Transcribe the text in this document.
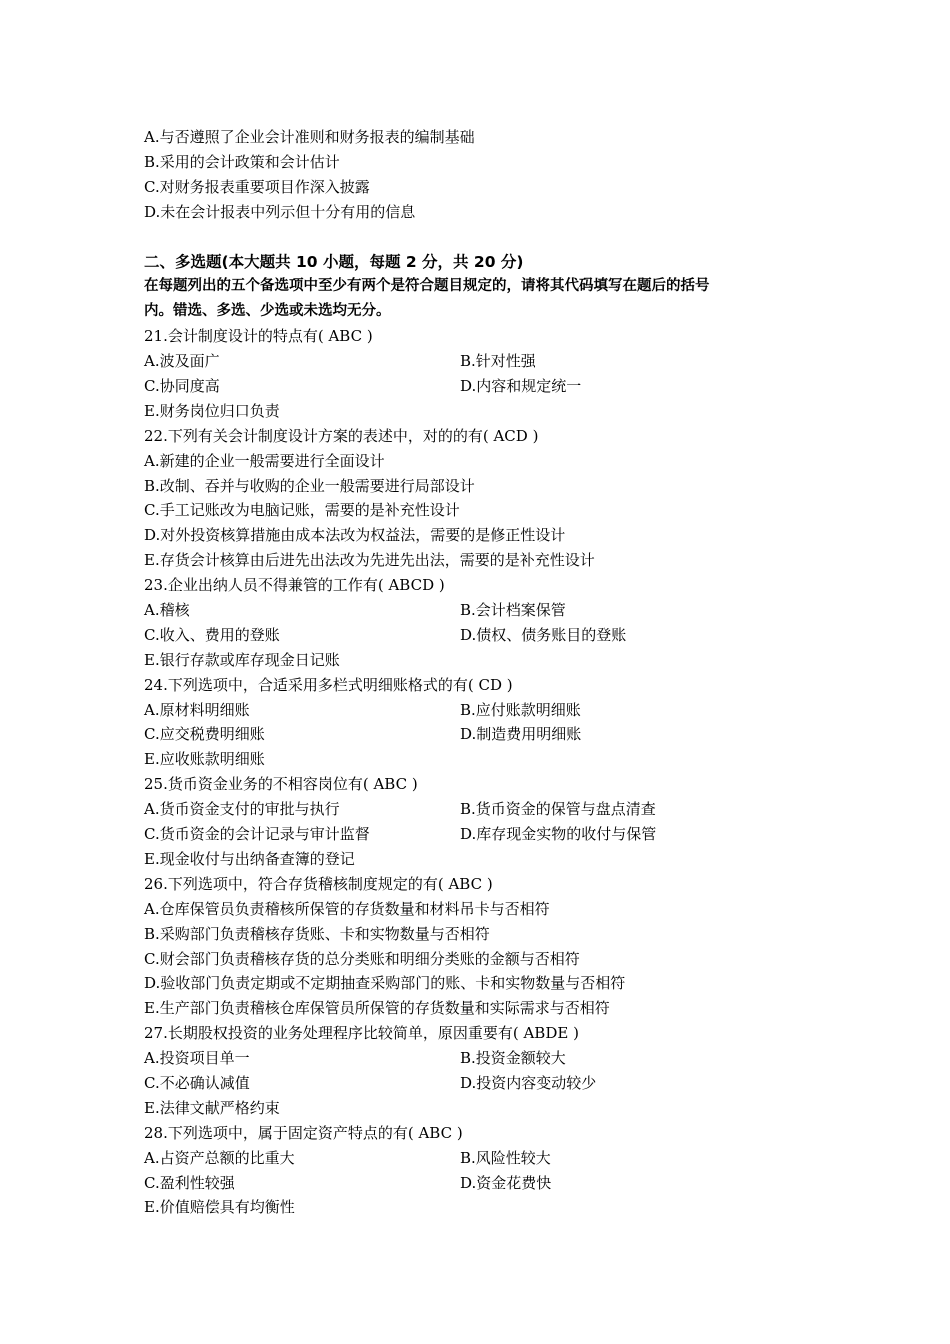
A.与否遵照了企业会计准则和财务报表的编制基础
B.采用的会计政策和会计估计
C.对财务报表重要项目作深入披露
D.未在会计报表中列示但十分有用的信息
二、多选题(本大题共 10 小题，每题 2 分，共 20 分)
在每题列出的五个备选项中至少有两个是符合题目规定的，请将其代码填写在题后的括号
内。错选、多选、少选或未选均无分。
21.会计制度设计的特点有( ABC )
A.波及面广	B.针对性强
C.协同度高	D.内容和规定统一
E.财务岗位归口负责
22.下列有关会计制度设计方案的表述中，对的的有( ACD )
A.新建的企业一般需要进行全面设计
B.改制、吞并与收购的企业一般需要进行局部设计
C.手工记账改为电脑记账，需要的是补充性设计
D.对外投资核算措施由成本法改为权益法，需要的是修正性设计
E.存货会计核算由后进先出法改为先进先出法，需要的是补充性设计
23.企业出纳人员不得兼管的工作有( ABCD )
A.稽核	B.会计档案保管
C.收入、费用的登账	D.债权、债务账目的登账
E.银行存款或库存现金日记账
24.下列选项中，合适采用多栏式明细账格式的有( CD )
A.原材料明细账	B.应付账款明细账
C.应交税费明细账	D.制造费用明细账
E.应收账款明细账
25.货币资金业务的不相容岗位有( ABC )
A.货币资金支付的审批与执行	B.货币资金的保管与盘点清查
C.货币资金的会计记录与审计监督	D.库存现金实物的收付与保管
E.现金收付与出纳备查簿的登记
26.下列选项中，符合存货稽核制度规定的有( ABC )
A.仓库保管员负责稽核所保管的存货数量和材料吊卡与否相符
B.采购部门负责稽核存货账、卡和实物数量与否相符
C.财会部门负责稽核存货的总分类账和明细分类账的金额与否相符
D.验收部门负责定期或不定期抽查采购部门的账、卡和实物数量与否相符
E.生产部门负责稽核仓库保管员所保管的存货数量和实际需求与否相符
27.长期股权投资的业务处理程序比较简单，原因重要有( ABDE )
A.投资项目单一	B.投资金额较大
C.不必确认减值	D.投资内容变动较少
E.法律文献严格约束
28.下列选项中，属于固定资产特点的有( ABC )
A.占资产总额的比重大	B.风险性较大
C.盈利性较强	D.资金花费快
E.价值赔偿具有均衡性
